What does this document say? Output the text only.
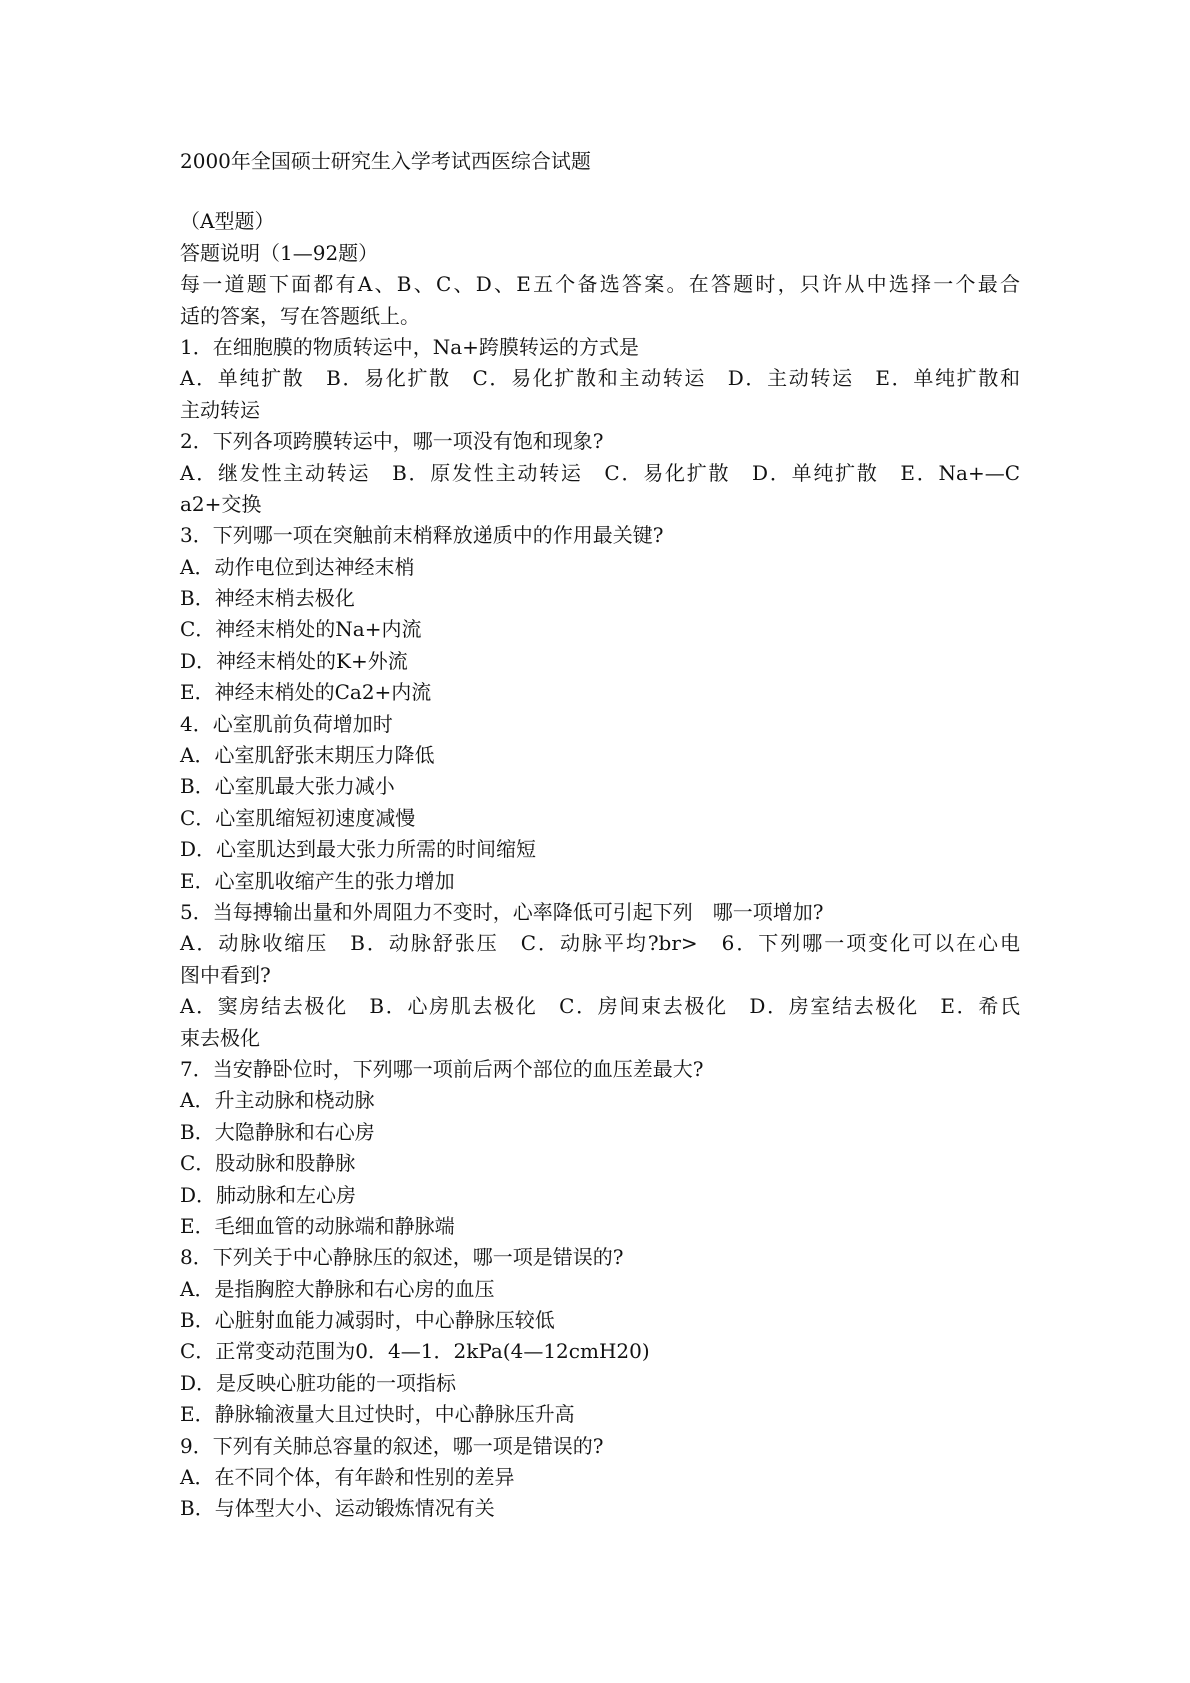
2000年全国硕士研究生入学考试西医综合试题
（A型题）
答题说明（1—92题）
每一道题下面都有A、B、C、D、E五个备选答案。在答题时，只许从中选择一个最合
适的答案，写在答题纸上。
1．在细胞膜的物质转运中，Na+跨膜转运的方式是
A．单纯扩散　B．易化扩散　C．易化扩散和主动转运　D．主动转运　E．单纯扩散和
主动转运
2．下列各项跨膜转运中，哪一项没有饱和现象?
A．继发性主动转运　B．原发性主动转运　C．易化扩散　D．单纯扩散　E．Na+—C
a2+交换
3．下列哪一项在突触前末梢释放递质中的作用最关键?
A．动作电位到达神经末梢
B．神经末梢去极化
C．神经末梢处的Na+内流
D．神经末梢处的K+外流
E．神经末梢处的Ca2+内流
4．心室肌前负荷增加时
A．心室肌舒张末期压力降低
B．心室肌最大张力减小
C．心室肌缩短初速度减慢
D．心室肌达到最大张力所需的时间缩短
E．心室肌收缩产生的张力增加
5．当每搏输出量和外周阻力不变时，心率降低可引起下列　哪一项增加?
A．动脉收缩压　B．动脉舒张压　C．动脉平均?br>　6．下列哪一项变化可以在心电
图中看到?
A．窦房结去极化　B．心房肌去极化　C．房间束去极化　D．房室结去极化　E．希氏
束去极化
7．当安静卧位时，下列哪一项前后两个部位的血压差最大?
A．升主动脉和桡动脉
B．大隐静脉和右心房
C．股动脉和股静脉
D．肺动脉和左心房
E．毛细血管的动脉端和静脉端
8．下列关于中心静脉压的叙述，哪一项是错误的?
A．是指胸腔大静脉和右心房的血压
B．心脏射血能力减弱时，中心静脉压较低
C．正常变动范围为0．4—1．2kPa(4—12cmH20)
D．是反映心脏功能的一项指标
E．静脉输液量大且过快时，中心静脉压升高
9．下列有关肺总容量的叙述，哪一项是错误的?
A．在不同个体，有年龄和性别的差异
B．与体型大小、运动锻炼情况有关
